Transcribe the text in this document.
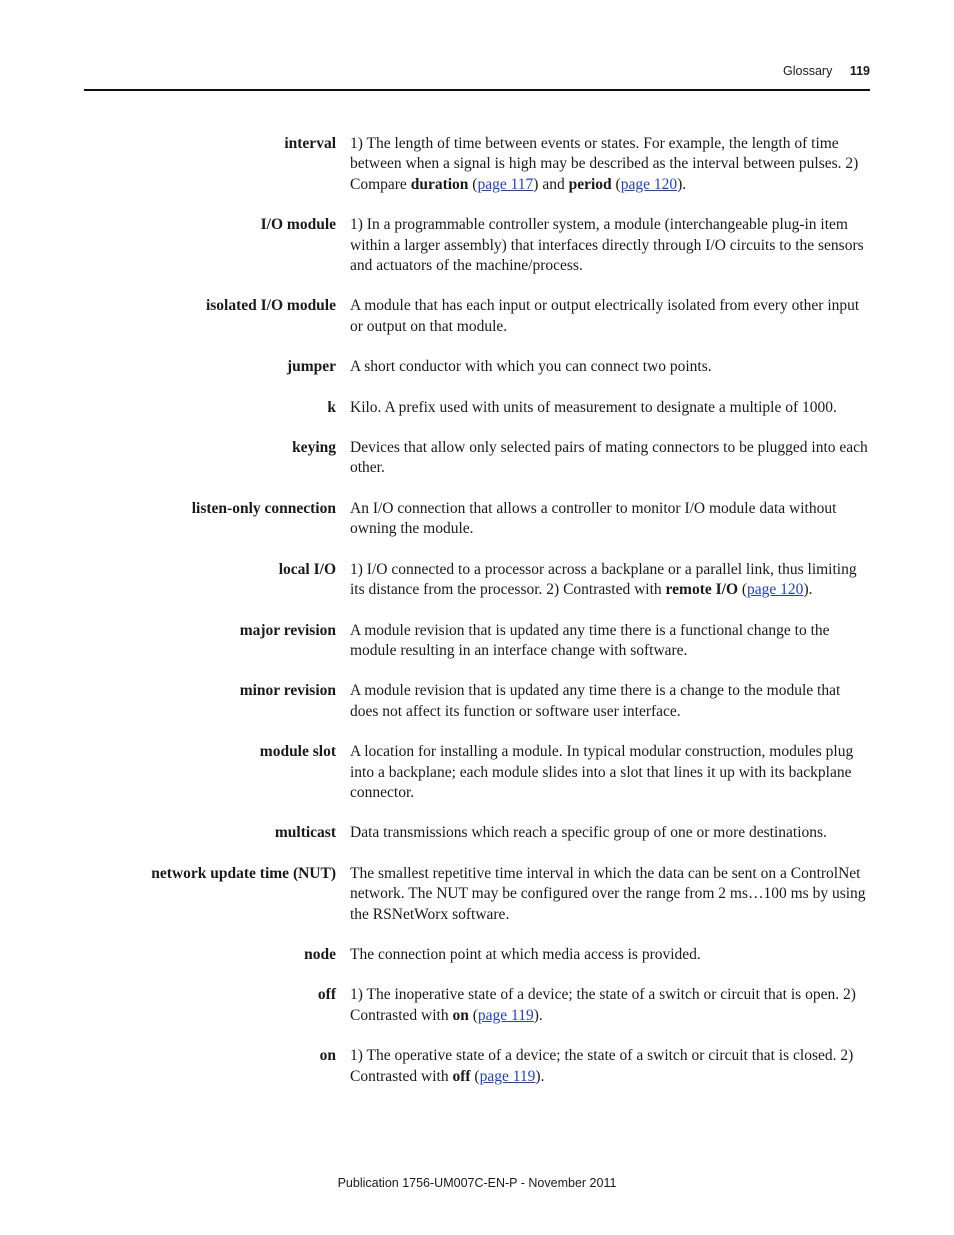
Glossary 119
interval 1) The length of time between events or states. For example, the length of time between when a signal is high may be described as the interval between pulses. 2) Compare duration (page 117) and period (page 120).
I/O module 1) In a programmable controller system, a module (interchangeable plug-in item within a larger assembly) that interfaces directly through I/O circuits to the sensors and actuators of the machine/process.
isolated I/O module A module that has each input or output electrically isolated from every other input or output on that module.
jumper A short conductor with which you can connect two points.
k Kilo. A prefix used with units of measurement to designate a multiple of 1000.
keying Devices that allow only selected pairs of mating connectors to be plugged into each other.
listen-only connection An I/O connection that allows a controller to monitor I/O module data without owning the module.
local I/O 1) I/O connected to a processor across a backplane or a parallel link, thus limiting its distance from the processor. 2) Contrasted with remote I/O (page 120).
major revision A module revision that is updated any time there is a functional change to the module resulting in an interface change with software.
minor revision A module revision that is updated any time there is a change to the module that does not affect its function or software user interface.
module slot A location for installing a module. In typical modular construction, modules plug into a backplane; each module slides into a slot that lines it up with its backplane connector.
multicast Data transmissions which reach a specific group of one or more destinations.
network update time (NUT) The smallest repetitive time interval in which the data can be sent on a ControlNet network. The NUT may be configured over the range from 2 ms…100 ms by using the RSNetWorx software.
node The connection point at which media access is provided.
off 1) The inoperative state of a device; the state of a switch or circuit that is open. 2) Contrasted with on (page 119).
on 1) The operative state of a device; the state of a switch or circuit that is closed. 2) Contrasted with off (page 119).
Publication 1756-UM007C-EN-P - November 2011
